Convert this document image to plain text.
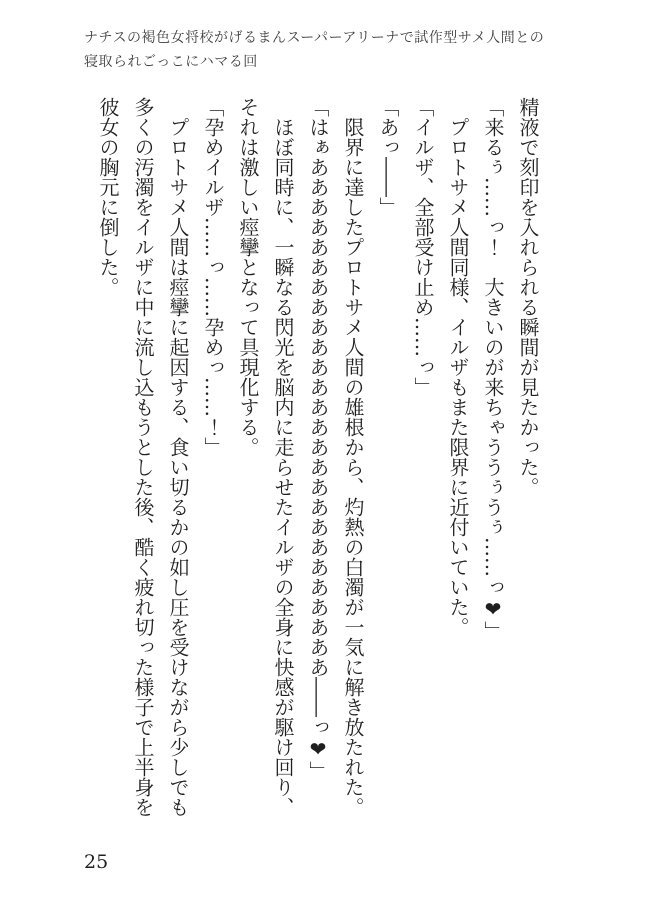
ナチスの褐色女将校がげるまんスーパーアリーナで試作型サメ人間との
寝取られごっこにハマる回

精液で刻印を入れられる瞬間が見たかった。

「来るぅ……っ！　大きいのが来ちゃううぅうぅ……っ❤」

プロトサメ人間同様、イルザもまた限界に近付いていた。

「イルザ、全部受け止め……っ」

「あっ――」

限界に達したプロトサメ人間の雄根から、灼熱の白濁が一気に解き放たれた。

「はぁああああああああああああああああああああああああああ――っ❤」

ほぼ同時に、一瞬なる閃光を脳内に走らせたイルザの全身に快感が駆け回り、それは激しい痙攣となって具現化する。

「孕めイルザ……っ……孕めっ……！」

プロトサメ人間は痙攣に起因する、食い切るかの如し圧を受けながら少しでも多くの汚濁をイルザに中に流し込もうとした後、酷く疲れ切った様子で上半身を彼女の胸元に倒した。

25
